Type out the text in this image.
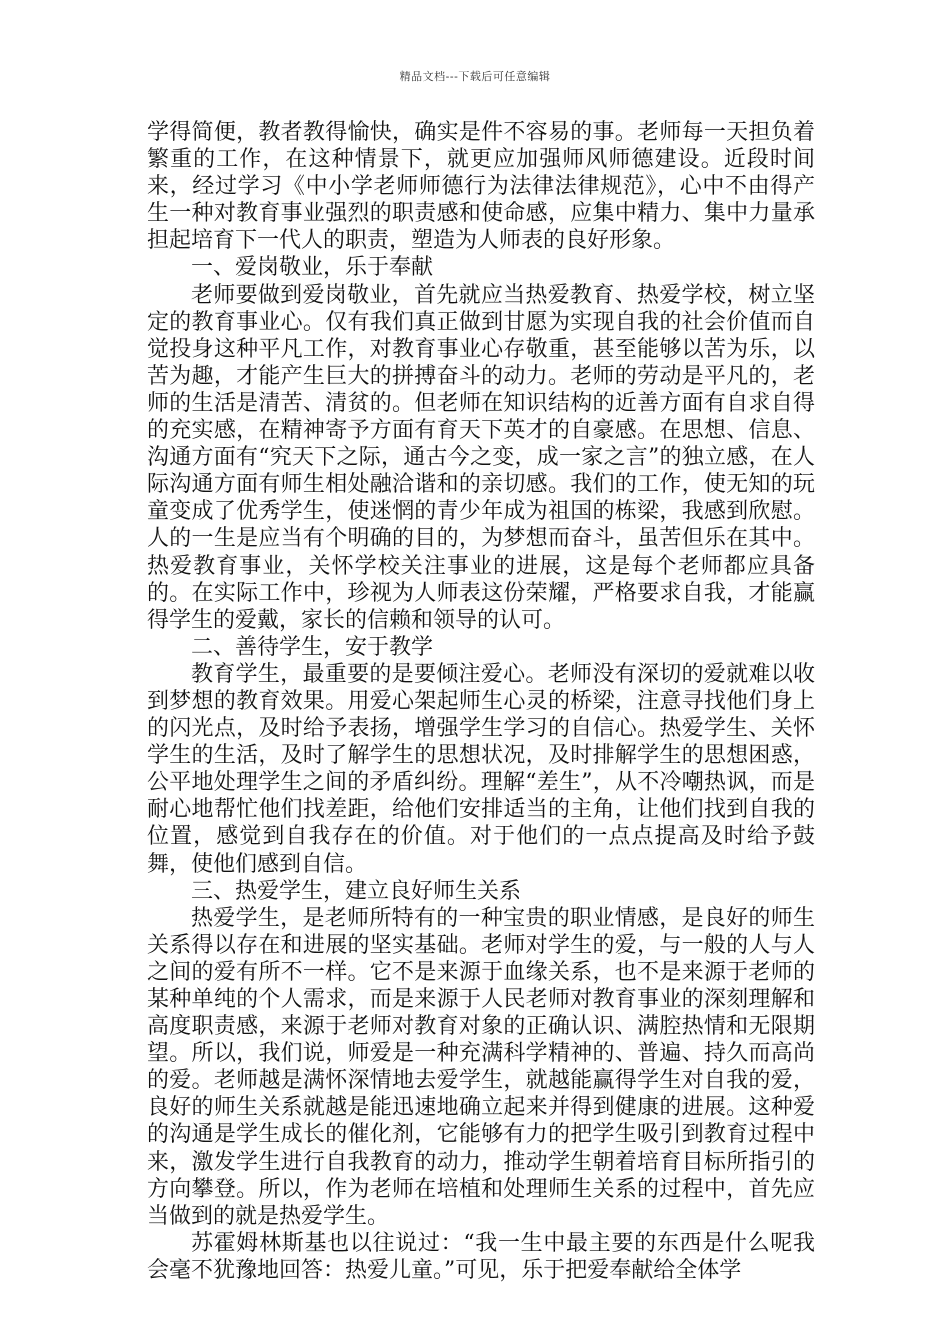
精品文档---下载后可任意编辑

学得简便，教者教得愉快，确实是件不容易的事。老师每一天担负着繁重的工作，在这种情景下，就更应加强师风师德建设。近段时间来，经过学习《中小学老师师德行为法律法律规范》，心中不由得产生一种对教育事业强烈的职责感和使命感，应集中精力、集中力量承担起培育下一代人的职责，塑造为人师表的良好形象。

一、爱岗敬业，乐于奉献

老师要做到爱岗敬业，首先就应当热爱教育、热爱学校，树立坚定的教育事业心。仅有我们真正做到甘愿为实现自我的社会价值而自觉投身这种平凡工作，对教育事业心存敬重，甚至能够以苦为乐，以苦为趣，才能产生巨大的拼搏奋斗的动力。老师的劳动是平凡的，老师的生活是清苦、清贫的。但老师在知识结构的近善方面有自求自得的充实感，在精神寄予方面有育天下英才的自豪感。在思想、信息、沟通方面有“究天下之际，通古今之变，成一家之言”的独立感，在人际沟通方面有师生相处融洽谐和的亲切感。我们的工作，使无知的玩童变成了优秀学生，使迷惘的青少年成为祖国的栋梁，我感到欣慰。人的一生是应当有个明确的目的，为梦想而奋斗，虽苦但乐在其中。热爱教育事业，关怀学校关注事业的进展，这是每个老师都应具备的。在实际工作中，珍视为人师表这份荣耀，严格要求自我，才能赢得学生的爱戴，家长的信赖和领导的认可。

二、善待学生，安于教学

教育学生，最重要的是要倾注爱心。老师没有深切的爱就难以收到梦想的教育效果。用爱心架起师生心灵的桥梁，注意寻找他们身上的闪光点，及时给予表扬，增强学生学习的自信心。热爱学生、关怀学生的生活，及时了解学生的思想状况，及时排解学生的思想困惑，公平地处理学生之间的矛盾纠纷。理解“差生”，从不冷嘲热讽，而是耐心地帮忙他们找差距，给他们安排适当的主角，让他们找到自我的位置，感觉到自我存在的价值。对于他们的一点点提高及时给予鼓舞，使他们感到自信。

三、热爱学生，建立良好师生关系

热爱学生，是老师所特有的一种宝贵的职业情感，是良好的师生关系得以存在和进展的坚实基础。老师对学生的爱，与一般的人与人之间的爱有所不一样。它不是来源于血缘关系，也不是来源于老师的某种单纯的个人需求，而是来源于人民老师对教育事业的深刻理解和高度职责感，来源于老师对教育对象的正确认识、满腔热情和无限期望。所以，我们说，师爱是一种充满科学精神的、普遍、持久而高尚的爱。老师越是满怀深情地去爱学生，就越能赢得学生对自我的爱，良好的师生关系就越是能迅速地确立起来并得到健康的进展。这种爱的沟通是学生成长的催化剂，它能够有力的把学生吸引到教育过程中来，激发学生进行自我教育的动力，推动学生朝着培育目标所指引的方向攀登。所以，作为老师在培植和处理师生关系的过程中，首先应当做到的就是热爱学生。

苏霍姆林斯基也以往说过：“我一生中最主要的东西是什么呢我会毫不犹豫地回答：热爱儿童。”可见，乐于把爱奉献给全体学
